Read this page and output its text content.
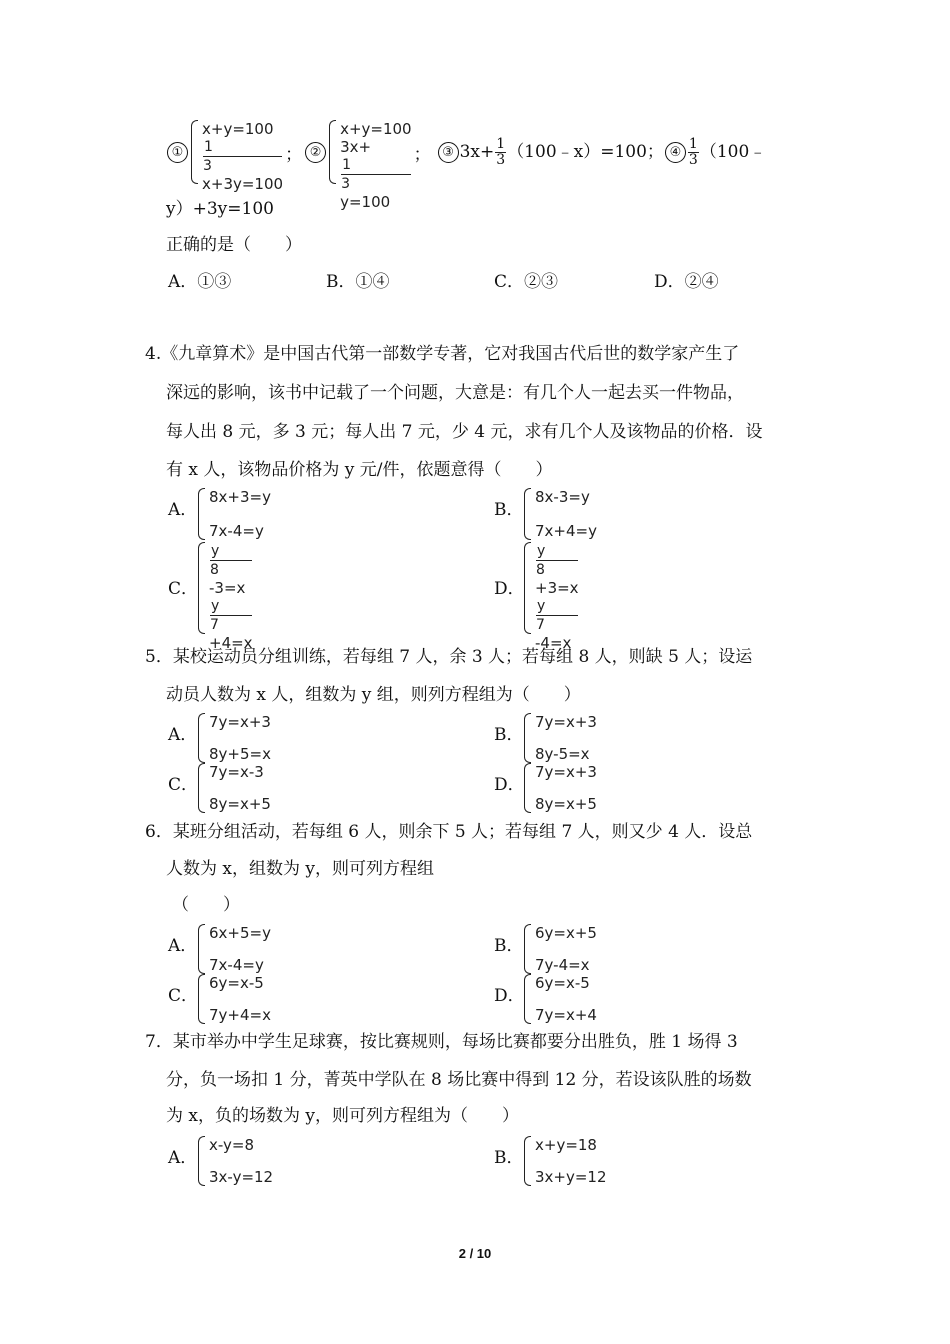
①
x+y=100
1
3
x+3y=100
； ②
x+y=100
3x+
1
3
y=100
； ③ $3x+ \frac{1}{3}$ （100﹣x）=100； ④ $\frac{1}{3}$ （100﹣
y）+3y=100
正确的是（　　）
A．①③	B．①④	C．②③	D．②④
4.《九章算术》是中国古代第一部数学专著，它对我国古代后世的数学家产生了
深远的影响，该书中记载了一个问题，大意是：有几个人一起去买一件物品，
每人出 8 元，多 3 元；每人出 7 元，少 4 元，求有几个人及该物品的价格．设
有 x 人，该物品价格为 y 元/件，依题意得（　　）
A．
8x+3=y
7x-4=y
B．
8x-3=y
7x+4=y
C．
y
8
-3=x
y
7
+4=x
D．
y
8
+3=x
y
7
-4=x
5．某校运动员分组训练，若每组 7 人，余 3 人；若每组 8 人，则缺 5 人；设运
动员人数为 x 人，组数为 y 组，则列方程组为（　　）
A．
7y=x+3
8y+5=x
B．
7y=x+3
8y-5=x
C．
7y=x-3
8y=x+5
D．
7y=x+3
8y=x+5
6．某班分组活动，若每组 6 人，则余下 5 人；若每组 7 人，则又少 4 人．设总
人数为 x，组数为 y，则可列方程组
（　　）
A．
6x+5=y
7x-4=y
B．
6y=x+5
7y-4=x
C．
6y=x-5
7y+4=x
D．
6y=x-5
7y=x+4
7．某市举办中学生足球赛，按比赛规则，每场比赛都要分出胜负，胜 1 场得 3
分，负一场扣 1 分，菁英中学队在 8 场比赛中得到 12 分，若设该队胜的场数
为 x，负的场数为 y，则可列方程组为（　　）
A．
x-y=8
3x-y=12
B．
x+y=18
3x+y=12
2 / 10
